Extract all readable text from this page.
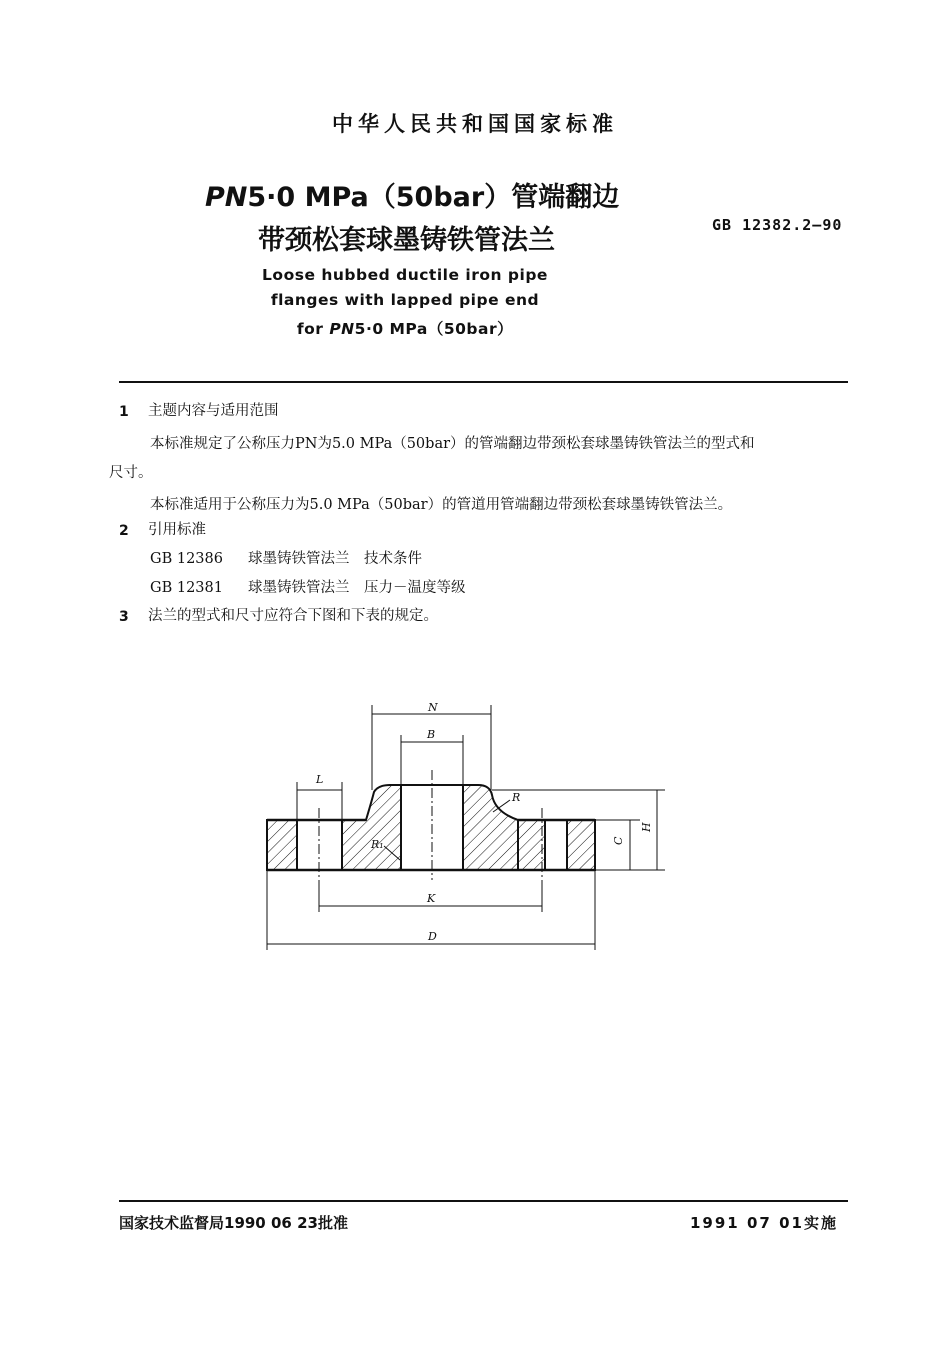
中华人民共和国国家标准
PN5·0 MPa（50bar）管端翻边
带颈松套球墨铸铁管法兰	GB 12382.2—90
Loose hubbed ductile iron pipe
flanges with lapped pipe end
for PN5·0 MPa（50bar）
1 主题内容与适用范围
本标准规定了公称压力PN为5.0 MPa（50bar）的管端翻边带颈松套球墨铸铁管法兰的型式和
尺寸。
本标准适用于公称压力为5.0 MPa（50bar）的管道用管端翻边带颈松套球墨铸铁管法兰。
2 引用标准
GB 12386 球墨铸铁管法兰　技术条件
GB 12381 球墨铸铁管法兰　压力－温度等级
3 法兰的型式和尺寸应符合下图和下表的规定。
N
B
L
R
R₁
K
D
C
H
国家技术监督局1990 06 23批准	1991 07 01实施
